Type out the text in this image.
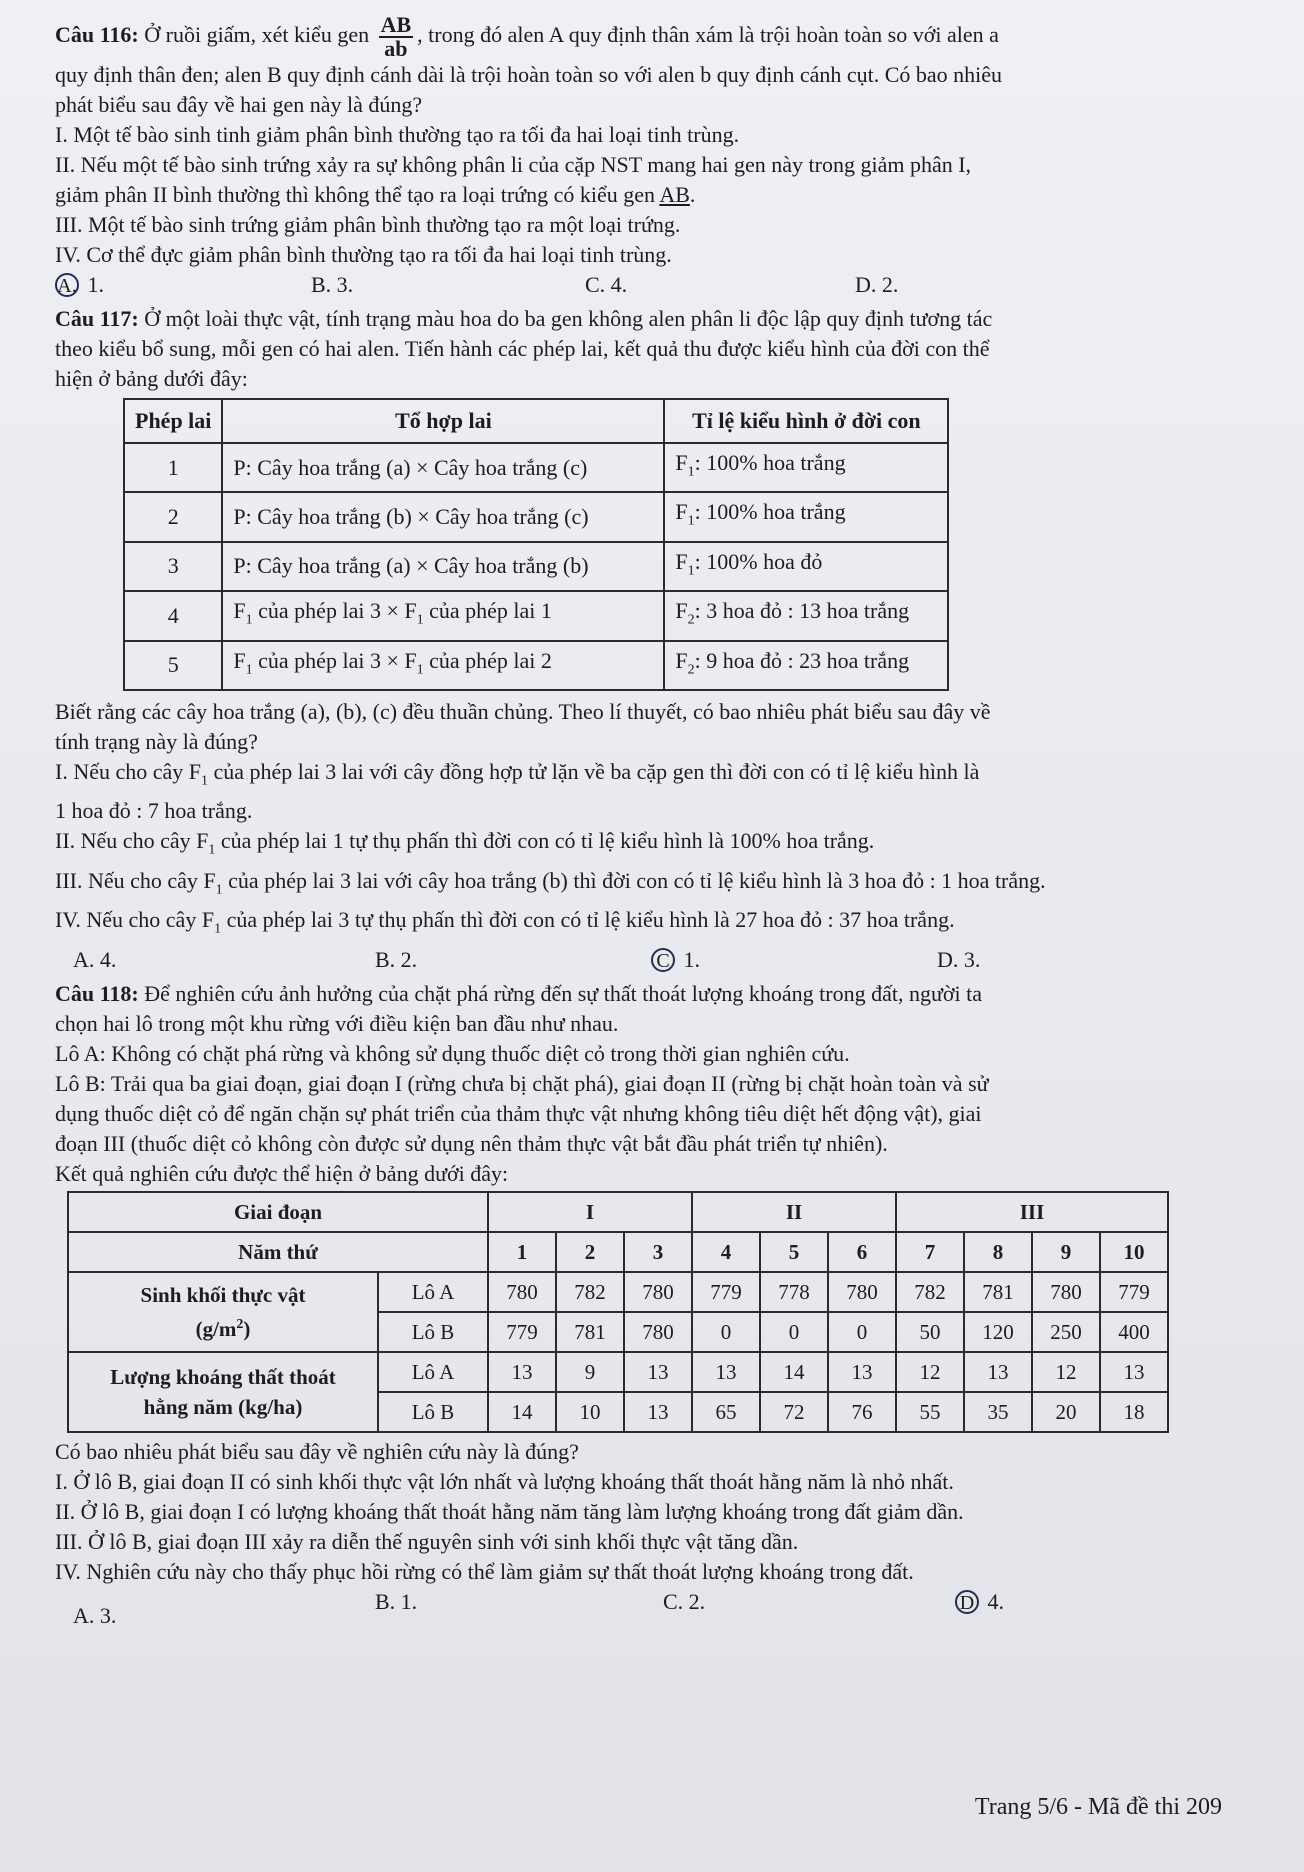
Câu 116: Ở ruồi giấm, xét kiểu gen $\frac{AB}{ab}$ , trong đó alen A quy định thân xám là trội hoàn toàn so với alen a
quy định thân đen; alen B quy định cánh dài là trội hoàn toàn so với alen b quy định cánh cụt. Có bao nhiêu
phát biểu sau đây về hai gen này là đúng?
I. Một tế bào sinh tinh giảm phân bình thường tạo ra tối đa hai loại tinh trùng.
II. Nếu một tế bào sinh trứng xảy ra sự không phân li của cặp NST mang hai gen này trong giảm phân I,
giảm phân II bình thường thì không thể tạo ra loại trứng có kiểu gen AB.
III. Một tế bào sinh trứng giảm phân bình thường tạo ra một loại trứng.
IV. Cơ thể đực giảm phân bình thường tạo ra tối đa hai loại tinh trùng.
A. 1.	B. 3.	C. 4.	D. 2.
Câu 117: Ở một loài thực vật, tính trạng màu hoa do ba gen không alen phân li độc lập quy định tương tác
theo kiểu bổ sung, mỗi gen có hai alen. Tiến hành các phép lai, kết quả thu được kiểu hình của đời con thể
hiện ở bảng dưới đây:
Phép lai	Tổ hợp lai	Tỉ lệ kiểu hình ở đời con
1	P: Cây hoa trắng (a) × Cây hoa trắng (c)	$F_1$: 100% hoa trắng
2	P: Cây hoa trắng (b) × Cây hoa trắng (c)	$F_1$: 100% hoa trắng
3	P: Cây hoa trắng (a) × Cây hoa trắng (b)	$F_1$: 100% hoa đỏ
4	$F_1$ của phép lai $3 \times F_1$ của phép lai 1	$F_2$: 3 hoa đỏ : 13 hoa trắng
5	$F_1$ của phép lai $3 \times F_1$ của phép lai 2	$F_2$: 9 hoa đỏ : 23 hoa trắng
Biết rằng các cây hoa trắng (a), (b), (c) đều thuần chủng. Theo lí thuyết, có bao nhiêu phát biểu sau đây về
tính trạng này là đúng?
I. Nếu cho cây $F_1$ của phép lai 3 lai với cây đồng hợp tử lặn về ba cặp gen thì đời con có tỉ lệ kiểu hình là
1 hoa đỏ : 7 hoa trắng.
II. Nếu cho cây $F_1$ của phép lai 1 tự thụ phấn thì đời con có tỉ lệ kiểu hình là 100% hoa trắng.
III. Nếu cho cây $F_1$ của phép lai 3 lai với cây hoa trắng (b) thì đời con có tỉ lệ kiểu hình là 3 hoa đỏ : 1 hoa trắng.
IV. Nếu cho cây $F_1$ của phép lai 3 tự thụ phấn thì đời con có tỉ lệ kiểu hình là 27 hoa đỏ : 37 hoa trắng.
A. 4.	B. 2.	C 1.	D. 3.
Câu 118: Để nghiên cứu ảnh hưởng của chặt phá rừng đến sự thất thoát lượng khoáng trong đất, người ta
chọn hai lô trong một khu rừng với điều kiện ban đầu như nhau.
Lô A: Không có chặt phá rừng và không sử dụng thuốc diệt cỏ trong thời gian nghiên cứu.
Lô B: Trải qua ba giai đoạn, giai đoạn I (rừng chưa bị chặt phá), giai đoạn II (rừng bị chặt hoàn toàn và sử
dụng thuốc diệt cỏ để ngăn chặn sự phát triển của thảm thực vật nhưng không tiêu diệt hết động vật), giai
đoạn III (thuốc diệt cỏ không còn được sử dụng nên thảm thực vật bắt đầu phát triển tự nhiên).
Kết quả nghiên cứu được thể hiện ở bảng dưới đây:
Giai đoạn		I			II			III			
Năm thứ		1	2	3	4	5	6	7	8	9	10

Sinh khối thực vật
$(g/m^2)$	Lô A	780	782	780	779	778	780	782	781	780	779
	Lô B	779	781	780	0	0	0	50	120	250	400

Lượng khoáng thất thoát
hằng năm (kg/ha)	Lô A	13	9	13	13	14	13	12	13	12	13
	Lô B	14	10	13	65	72	76	55	35	20	18
Có bao nhiêu phát biểu sau đây về nghiên cứu này là đúng?
I. Ở lô B, giai đoạn II có sinh khối thực vật lớn nhất và lượng khoáng thất thoát hằng năm là nhỏ nhất.
II. Ở lô B, giai đoạn I có lượng khoáng thất thoát hằng năm tăng làm lượng khoáng trong đất giảm dần.
III. Ở lô B, giai đoạn III xảy ra diễn thế nguyên sinh với sinh khối thực vật tăng dần.
IV. Nghiên cứu này cho thấy phục hồi rừng có thể làm giảm sự thất thoát lượng khoáng trong đất.
A. 3.
B. 1.	C. 2.	D 4.
Trang 5/6 - Mã đề thi 209
